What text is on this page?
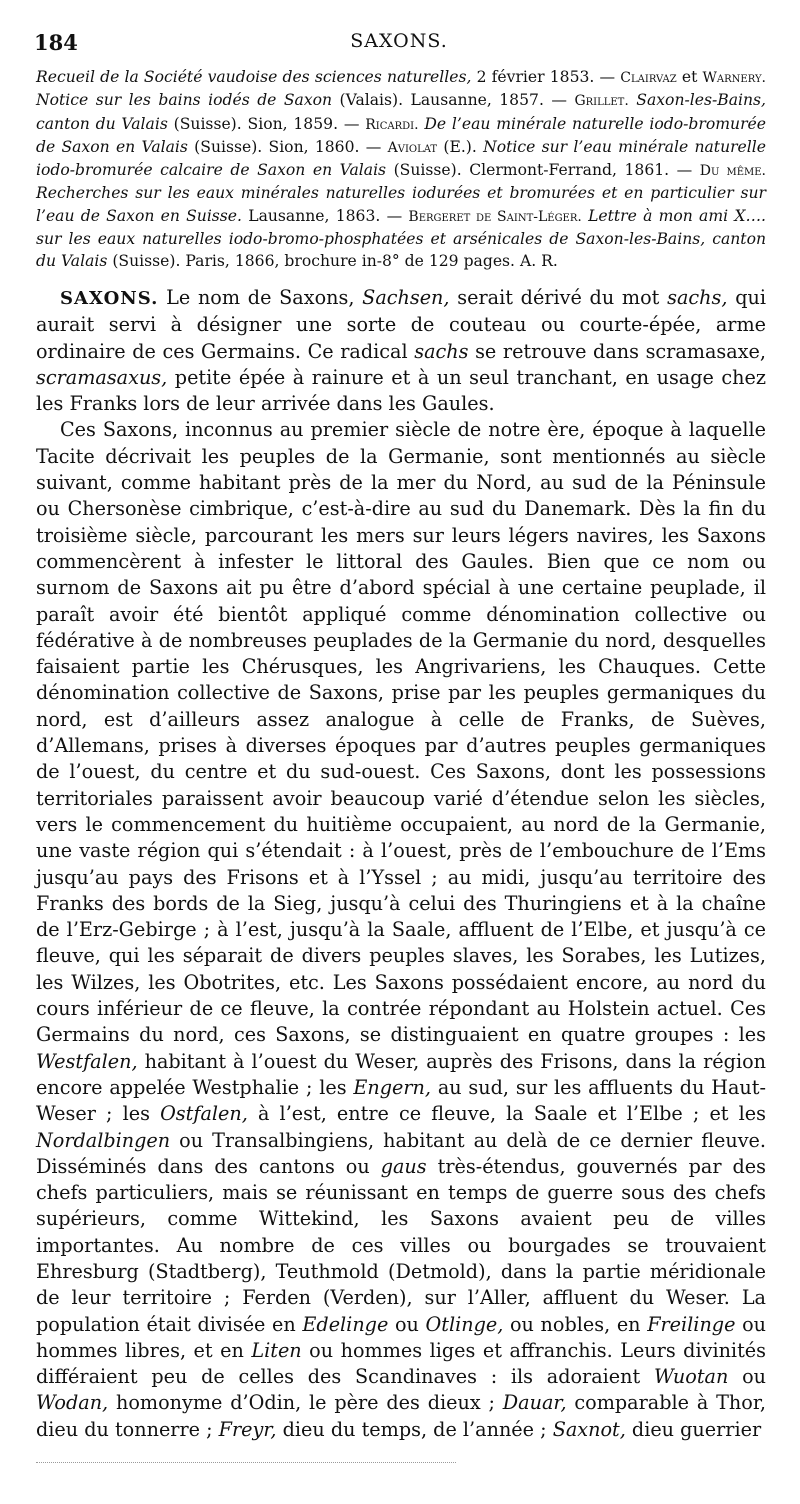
184	SAXONS.
Recueil de la Société vaudoise des sciences naturelles, 2 février 1853. — Clairvaz et Warnery. Notice sur les bains iodés de Saxon (Valais). Lausanne, 1857. — Grillet. Saxon-les-Bains, canton du Valais (Suisse). Sion, 1859. — Ricardi. De l’eau minérale naturelle iodo-bromurée de Saxon en Valais (Suisse). Sion, 1860. — Aviolat (E.). Notice sur l’eau minérale naturelle iodo-bromurée calcaire de Saxon en Valais (Suisse). Clermont-Ferrand, 1861. — Du même. Recherches sur les eaux minérales naturelles iodurées et bromurées et en particulier sur l’eau de Saxon en Suisse. Lausanne, 1863. — Bergeret de Saint-Léger. Lettre à mon ami X…. sur les eaux naturelles iodo-bromo-phosphatées et arsénicales de Saxon-les-Bains, canton du Valais (Suisse). Paris, 1866, brochure in-8° de 129 pages. A. R.

SAXONS. Le nom de Saxons, Sachsen, serait dérivé du mot sachs, qui aurait servi à désigner une sorte de couteau ou courte-épée, arme ordinaire de ces Germains. Ce radical sachs se retrouve dans scramasaxe, scramasaxus, petite épée à rainure et à un seul tranchant, en usage chez les Franks lors de leur arrivée dans les Gaules.

Ces Saxons, inconnus au premier siècle de notre ère, époque à laquelle Tacite décrivait les peuples de la Germanie, sont mentionnés au siècle suivant, comme habitant près de la mer du Nord, au sud de la Péninsule ou Chersonèse cimbrique, c’est-à-dire au sud du Danemark. Dès la fin du troisième siècle, parcourant les mers sur leurs légers navires, les Saxons commencèrent à infester le littoral des Gaules. Bien que ce nom ou surnom de Saxons ait pu être d’abord spécial à une certaine peuplade, il paraît avoir été bientôt appliqué comme dénomination collective ou fédérative à de nombreuses peuplades de la Germanie du nord, desquelles faisaient partie les Chérusques, les Angrivariens, les Chauques. Cette dénomination collective de Saxons, prise par les peuples germaniques du nord, est d’ailleurs assez analogue à celle de Franks, de Suèves, d’Allemans, prises à diverses époques par d’autres peuples germaniques de l’ouest, du centre et du sud-ouest. Ces Saxons, dont les possessions territoriales paraissent avoir beaucoup varié d’étendue selon les siècles, vers le commencement du huitième occupaient, au nord de la Germanie, une vaste région qui s’étendait : à l’ouest, près de l’embouchure de l’Ems jusqu’au pays des Frisons et à l’Yssel ; au midi, jusqu’au territoire des Franks des bords de la Sieg, jusqu’à celui des Thuringiens et à la chaîne de l’Erz-Gebirge ; à l’est, jusqu’à la Saale, affluent de l’Elbe, et jusqu’à ce fleuve, qui les séparait de divers peuples slaves, les Sorabes, les Lutizes, les Wilzes, les Obotrites, etc. Les Saxons possédaient encore, au nord du cours inférieur de ce fleuve, la contrée répondant au Holstein actuel. Ces Germains du nord, ces Saxons, se distinguaient en quatre groupes : les Westfalen, habitant à l’ouest du Weser, auprès des Frisons, dans la région encore appelée Westphalie ; les Engern, au sud, sur les affluents du Haut-Weser ; les Ostfalen, à l’est, entre ce fleuve, la Saale et l’Elbe ; et les Nordalbingen ou Transalbingiens, habitant au delà de ce dernier fleuve. Disséminés dans des cantons ou gaus très-étendus, gouvernés par des chefs particuliers, mais se réunissant en temps de guerre sous des chefs supérieurs, comme Wittekind, les Saxons avaient peu de villes importantes. Au nombre de ces villes ou bourgades se trouvaient Ehresburg (Stadtberg), Teuthmold (Detmold), dans la partie méridionale de leur territoire ; Ferden (Verden), sur l’Aller, affluent du Weser. La population était divisée en Edelinge ou Otlinge, ou nobles, en Freilinge ou hommes libres, et en Liten ou hommes liges et affranchis. Leurs divinités différaient peu de celles des Scandinaves : ils adoraient Wuotan ou Wodan, homonyme d’Odin, le père des dieux ; Dauar, comparable à Thor, dieu du tonnerre ; Freyr, dieu du temps, de l’année ; Saxnot, dieu guerrier
